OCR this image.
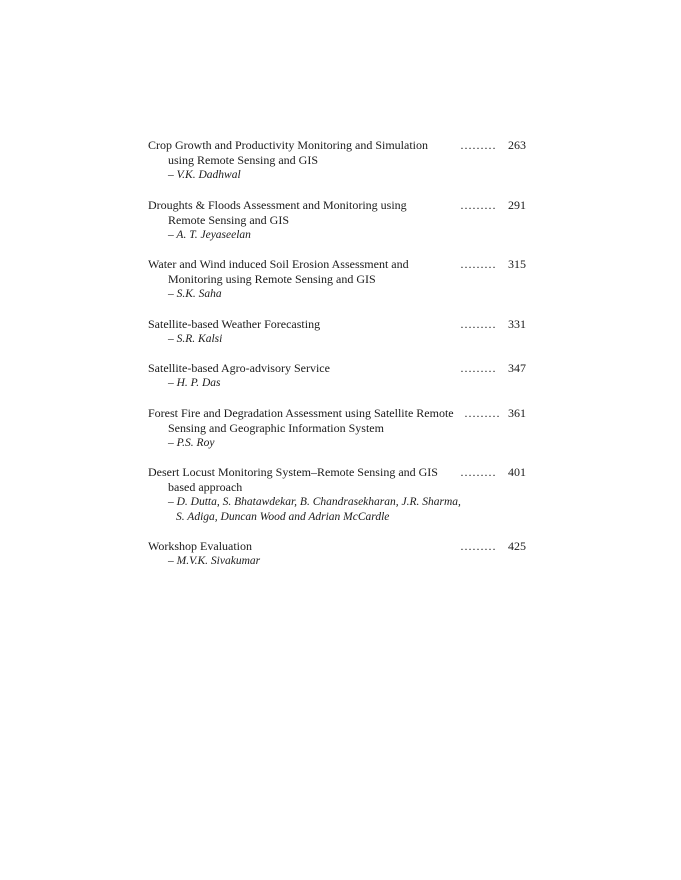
Crop Growth and Productivity Monitoring and Simulation
using Remote Sensing and GIS
– V.K. Dadhwal
……… 263
Droughts & Floods Assessment and Monitoring using
Remote Sensing and GIS
– A. T. Jeyaseelan
……… 291
Water and Wind induced Soil Erosion Assessment and
Monitoring using Remote Sensing and GIS
– S.K. Saha
……… 315
Satellite-based Weather Forecasting
– S.R. Kalsi
……… 331
Satellite-based Agro-advisory Service
– H. P. Das
……… 347
Forest Fire and Degradation Assessment using Satellite Remote
Sensing and Geographic Information System
– P.S. Roy
……… 361
Desert Locust Monitoring System–Remote Sensing and GIS
based approach
– D. Dutta, S. Bhatawdekar, B. Chandrasekharan, J.R. Sharma,
S. Adiga, Duncan Wood and Adrian McCardle
……… 401
Workshop Evaluation
– M.V.K. Sivakumar
……… 425
